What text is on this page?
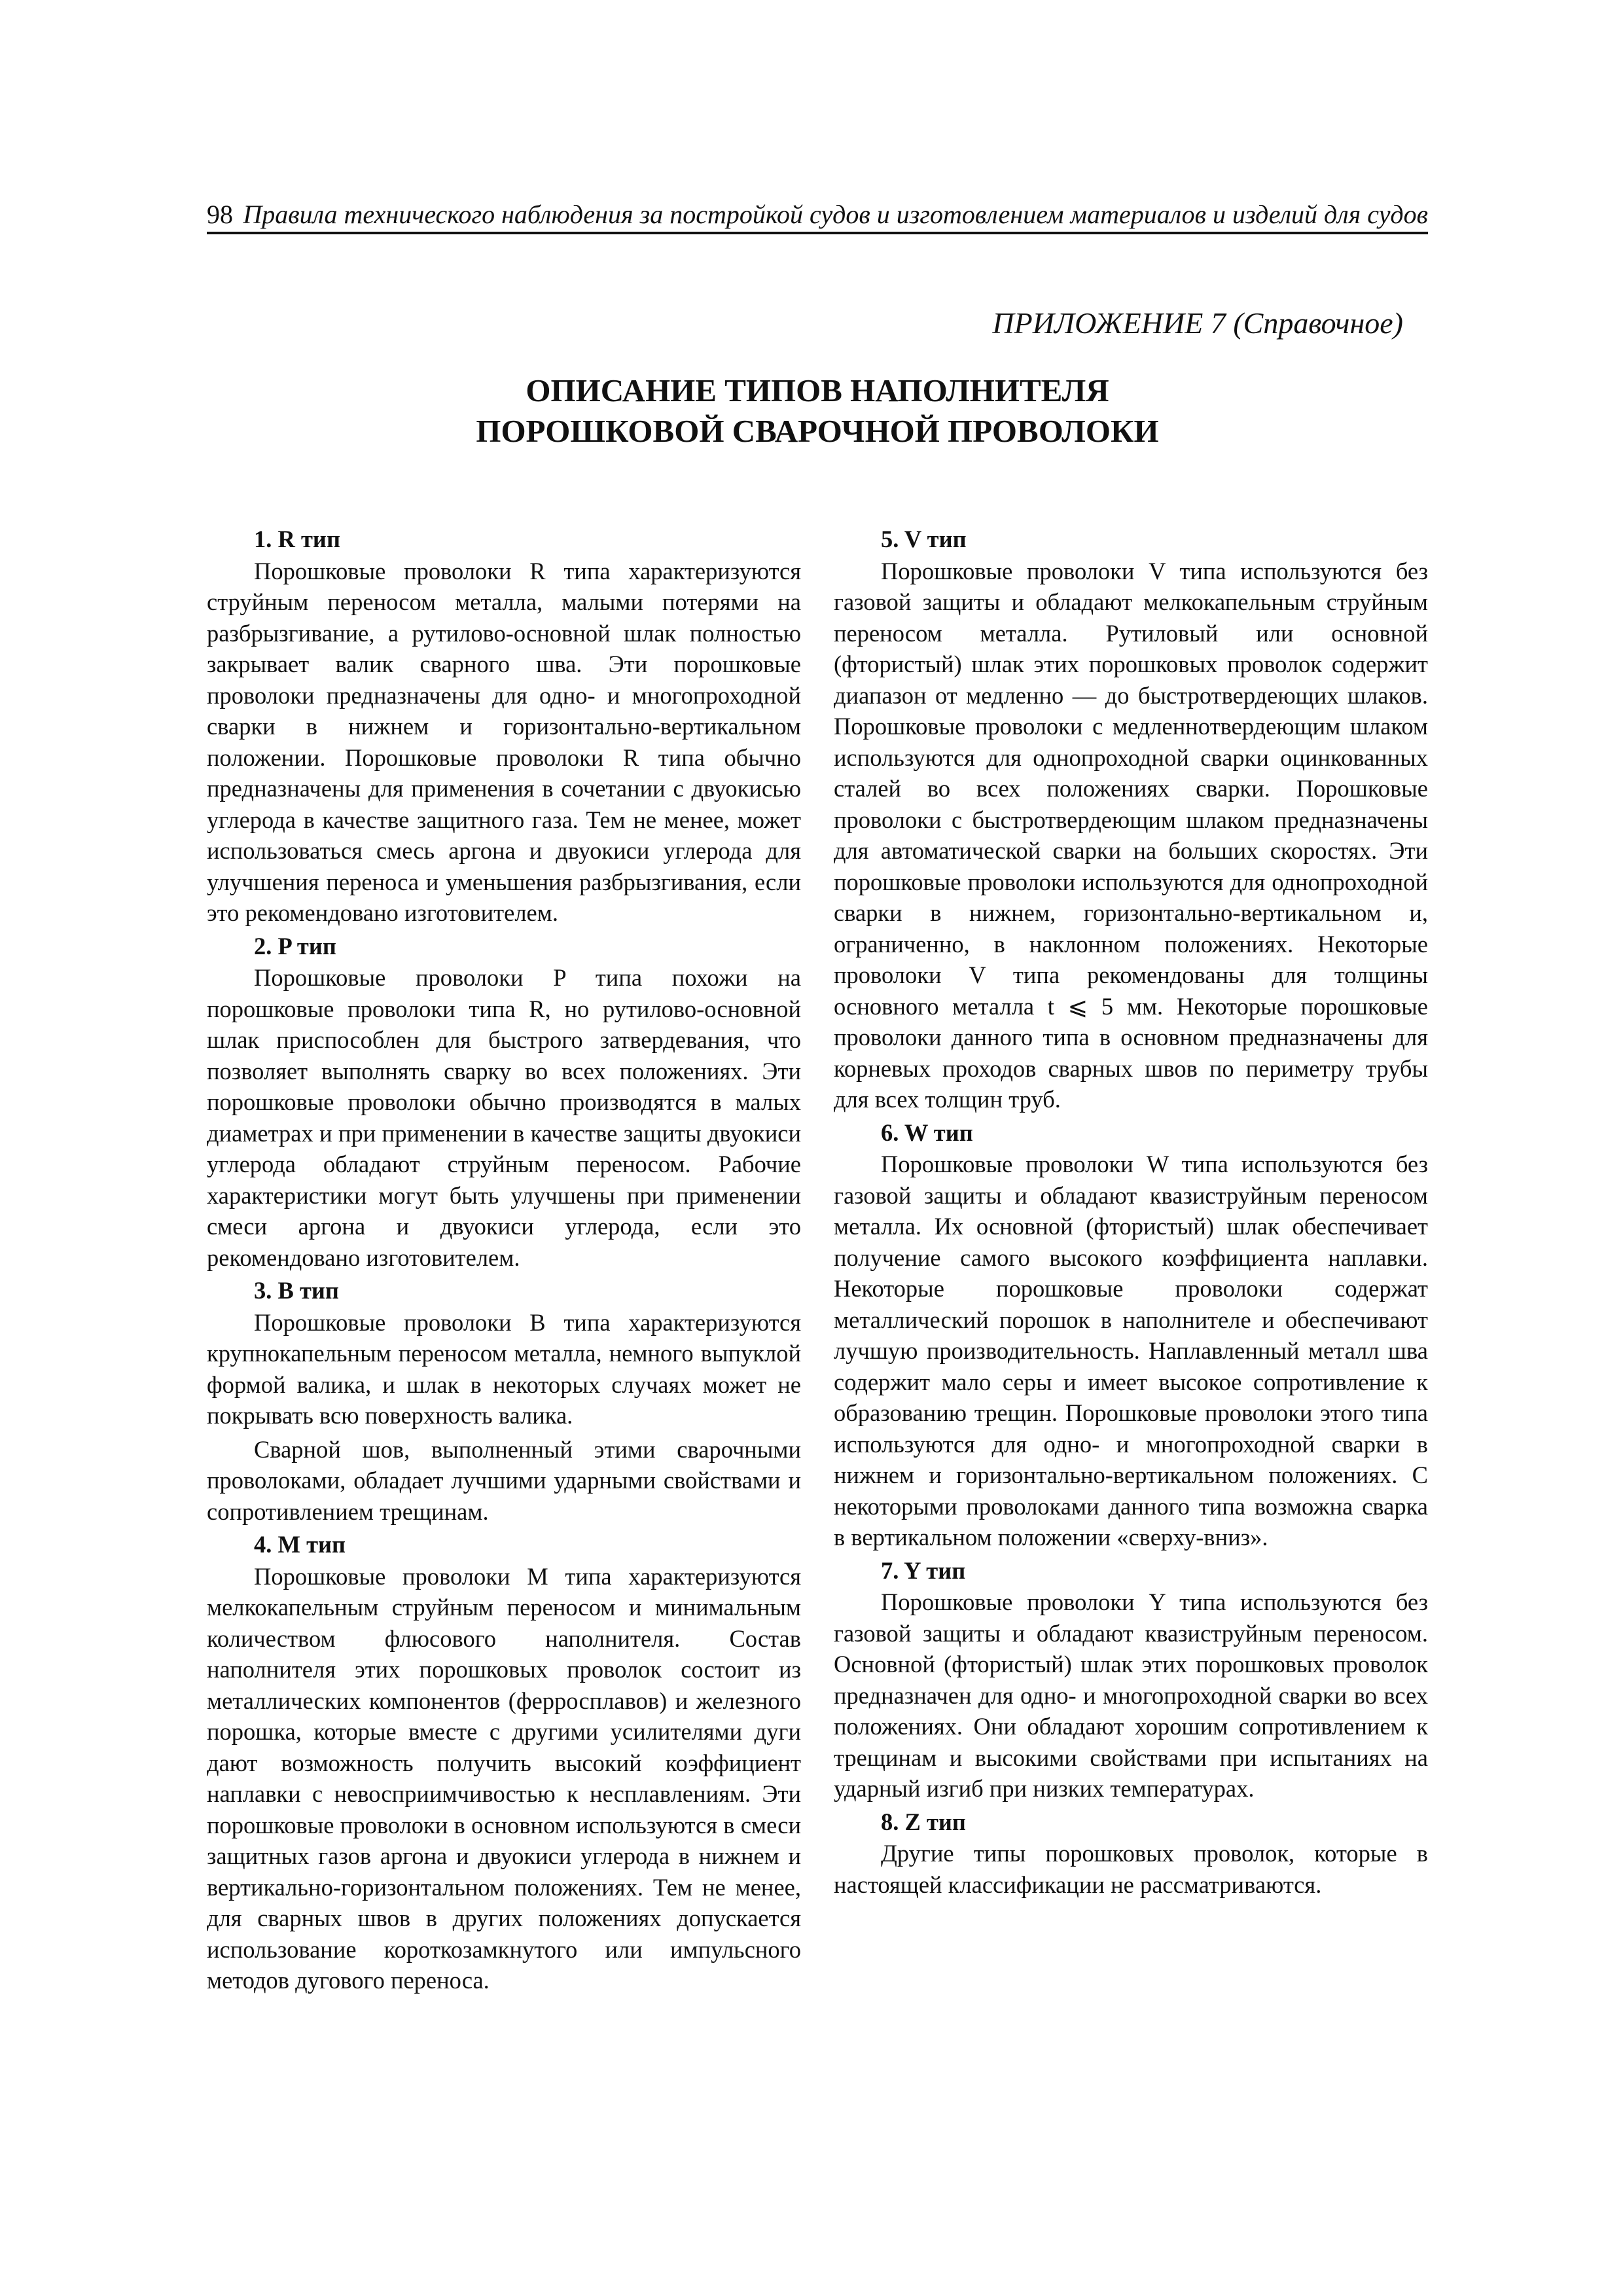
98 Правила технического наблюдения за постройкой судов и изготовлением материалов и изделий для судов
ПРИЛОЖЕНИЕ 7 (Справочное)
ОПИСАНИЕ ТИПОВ НАПОЛНИТЕЛЯ
ПОРОШКОВОЙ СВАРОЧНОЙ ПРОВОЛОКИ
1. R тип

Порошковые проволоки R типа характеризуются струйным переносом металла, малыми потерями на разбрызгивание, а рутилово-основной шлак полностью закрывает валик сварного шва. Эти порошковые проволоки предназначены для одно- и многопроходной сварки в нижнем и горизонтально-вертикальном положении. Порошковые проволоки R типа обычно предназначены для применения в сочетании с двуокисью углерода в качестве защитного газа. Тем не менее, может использоваться смесь аргона и двуокиси углерода для улучшения переноса и уменьшения разбрызгивания, если это рекомендовано изготовителем.

2. P тип

Порошковые проволоки P типа похожи на порошковые проволоки типа R, но рутилово-основной шлак приспособлен для быстрого затвердевания, что позволяет выполнять сварку во всех положениях. Эти порошковые проволоки обычно производятся в малых диаметрах и при применении в качестве защиты двуокиси углерода обладают струйным переносом. Рабочие характеристики могут быть улучшены при применении смеси аргона и двуокиси углерода, если это рекомендовано изготовителем.

3. B тип

Порошковые проволоки B типа характеризуются крупнокапельным переносом металла, немного выпуклой формой валика, и шлак в некоторых случаях может не покрывать всю поверхность валика.

Сварной шов, выполненный этими сварочными проволоками, обладает лучшими ударными свойствами и сопротивлением трещинам.

4. M тип

Порошковые проволоки M типа характеризуются мелкокапельным струйным переносом и минимальным количеством флюсового наполнителя. Состав наполнителя этих порошковых проволок состоит из металлических компонентов (ферросплавов) и железного порошка, которые вместе с другими усилителями дуги дают возможность получить высокий коэффициент наплавки с невосприимчивостью к несплавлениям. Эти порошковые проволоки в основном используются в смеси защитных газов аргона и двуокиси углерода в нижнем и вертикально-горизонтальном положениях. Тем не менее, для сварных швов в других положениях допускается использование короткозамкнутого или импульсного методов дугового переноса.

5. V тип

Порошковые проволоки V типа используются без газовой защиты и обладают мелкокапельным струйным переносом металла. Рутиловый или основной (фтористый) шлак этих порошковых проволок содержит диапазон от медленно — до быстротвердеющих шлаков. Порошковые проволоки с медленнотвердеющим шлаком используются для однопроходной сварки оцинкованных сталей во всех положениях сварки. Порошковые проволоки с быстротвердеющим шлаком предназначены для автоматической сварки на больших скоростях. Эти порошковые проволоки используются для однопроходной сварки в нижнем, горизонтально-вертикальном и, ограниченно, в наклонном положениях. Некоторые проволоки V типа рекомендованы для толщины основного металла t ⩽ 5 мм. Некоторые порошковые проволоки данного типа в основном предназначены для корневых проходов сварных швов по периметру трубы для всех толщин труб.

6. W тип

Порошковые проволоки W типа используются без газовой защиты и обладают квазиструйным переносом металла. Их основной (фтористый) шлак обеспечивает получение самого высокого коэффициента наплавки. Некоторые порошковые проволоки содержат металлический порошок в наполнителе и обеспечивают лучшую производительность. Наплавленный металл шва содержит мало серы и имеет высокое сопротивление к образованию трещин. Порошковые проволоки этого типа используются для одно- и многопроходной сварки в нижнем и горизонтально-вертикальном положениях. С некоторыми проволоками данного типа возможна сварка в вертикальном положении «сверху-вниз».

7. Y тип

Порошковые проволоки Y типа используются без газовой защиты и обладают квазиструйным переносом. Основной (фтористый) шлак этих порошковых проволок предназначен для одно- и многопроходной сварки во всех положениях. Они обладают хорошим сопротивлением к трещинам и высокими свойствами при испытаниях на ударный изгиб при низких температурах.

8. Z тип

Другие типы порошковых проволок, которые в настоящей классификации не рассматриваются.
